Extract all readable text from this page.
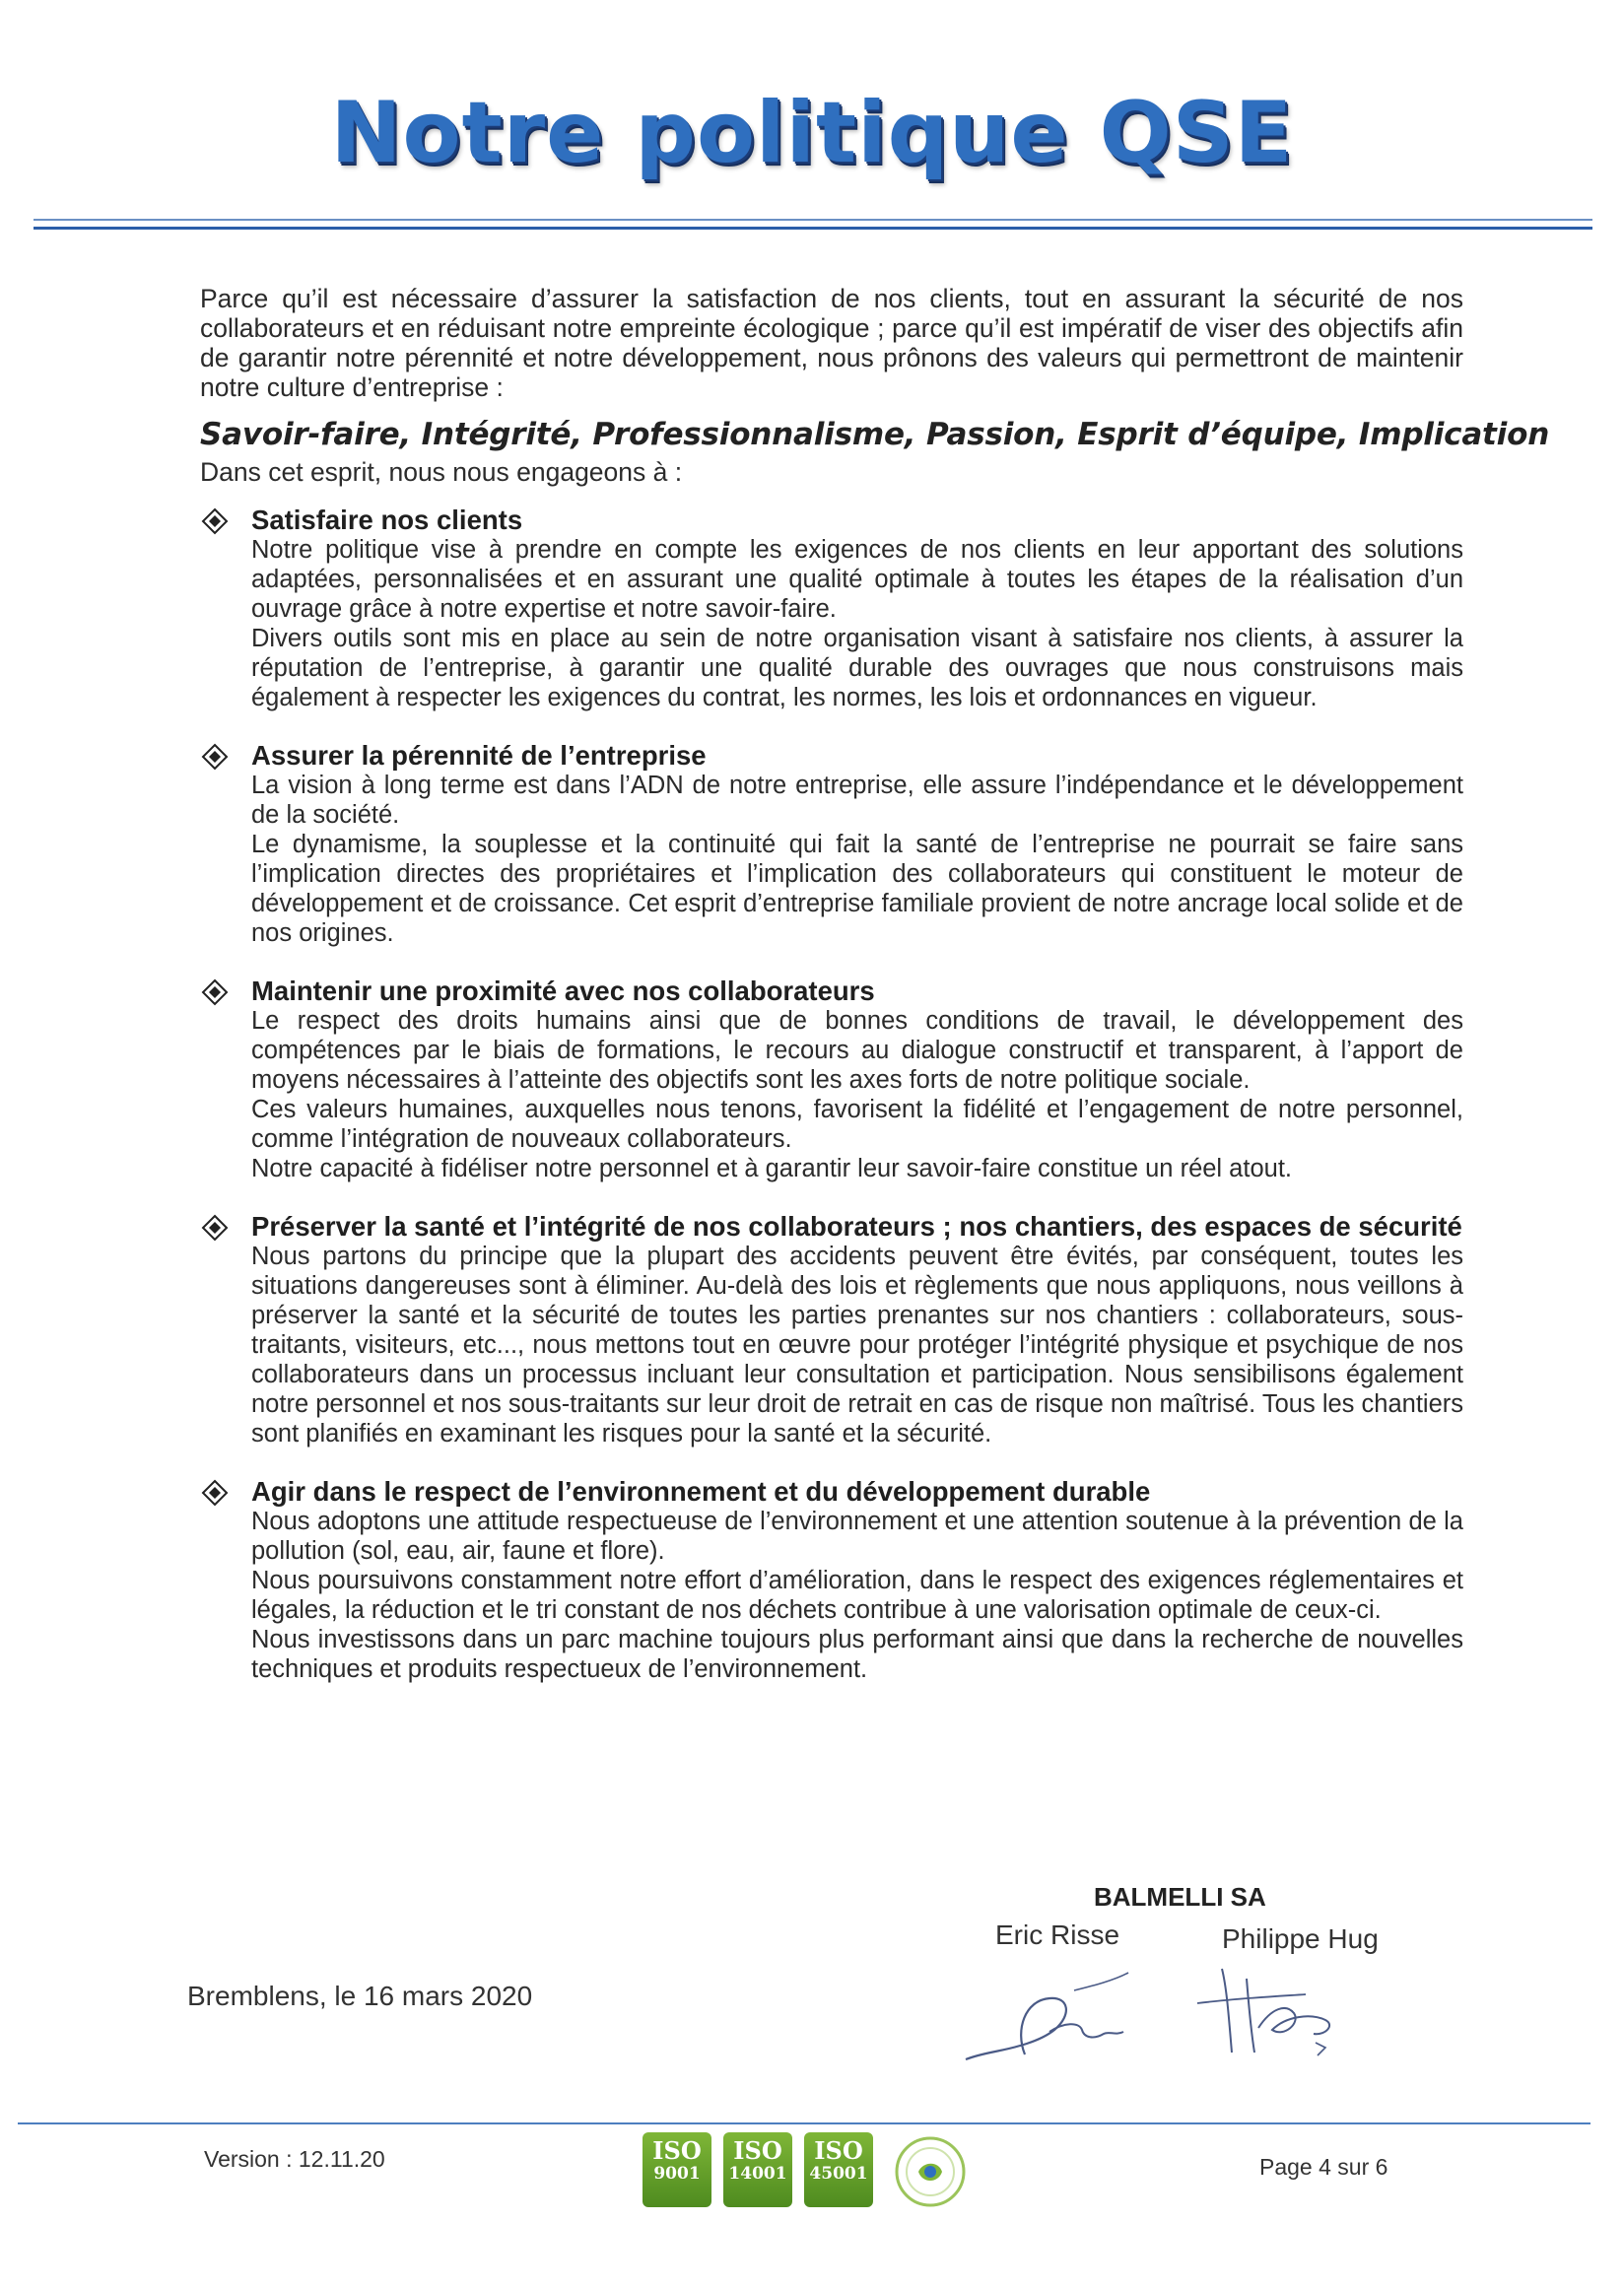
Notre politique QSE

Parce qu’il est nécessaire d’assurer la satisfaction de nos clients, tout en assurant la sécurité de nos collaborateurs et en réduisant notre empreinte écologique ; parce qu’il est impératif de viser des objectifs afin de garantir notre pérennité et notre développement, nous prônons des valeurs qui permettront de maintenir notre culture d’entreprise :

Savoir-faire, Intégrité, Professionnalisme, Passion, Esprit d’équipe, Implication

Dans cet esprit, nous nous engageons à :

Satisfaire nos clients

Notre politique vise à prendre en compte les exigences de nos clients en leur apportant des solutions adaptées, personnalisées et en assurant une qualité optimale à toutes les étapes de la réalisation d’un ouvrage grâce à notre expertise et notre savoir-faire.

Divers outils sont mis en place au sein de notre organisation visant à satisfaire nos clients, à assurer la réputation de l’entreprise, à garantir une qualité durable des ouvrages que nous construisons mais également à respecter les exigences du contrat, les normes, les lois et ordonnances en vigueur.

Assurer la pérennité de l’entreprise

La vision à long terme est dans l’ADN de notre entreprise, elle assure l’indépendance et le développement de la société.

Le dynamisme, la souplesse et la continuité qui fait la santé de l’entreprise ne pourrait se faire sans l’implication directes des propriétaires et l’implication des collaborateurs qui constituent le moteur de développement et de croissance. Cet esprit d’entreprise familiale provient de notre ancrage local solide et de nos origines.

Maintenir une proximité avec nos collaborateurs

Le respect des droits humains ainsi que de bonnes conditions de travail, le développement des compétences par le biais de formations, le recours au dialogue constructif et transparent, à l’apport de moyens nécessaires à l’atteinte des objectifs sont les axes forts de notre politique sociale.

Ces valeurs humaines, auxquelles nous tenons, favorisent la fidélité et l’engagement de notre personnel, comme l’intégration de nouveaux collaborateurs.

Notre capacité à fidéliser notre personnel et à garantir leur savoir-faire constitue un réel atout.

Préserver la santé et l’intégrité de nos collaborateurs ; nos chantiers, des espaces de sécurité

Nous partons du principe que la plupart des accidents peuvent être évités, par conséquent, toutes les situations dangereuses sont à éliminer. Au-delà des lois et règlements que nous appliquons, nous veillons à préserver la santé et la sécurité de toutes les parties prenantes sur nos chantiers : collaborateurs, sous-traitants, visiteurs, etc..., nous mettons tout en œuvre pour protéger l’intégrité physique et psychique de nos collaborateurs dans un processus incluant leur consultation et participation. Nous sensibilisons également notre personnel et nos sous-traitants sur leur droit de retrait en cas de risque non maîtrisé. Tous les chantiers sont planifiés en examinant les risques pour la santé et la sécurité.

Agir dans le respect de l’environnement et du développement durable

Nous adoptons une attitude respectueuse de l’environnement et une attention soutenue à la prévention de la pollution (sol, eau, air, faune et flore).

Nous poursuivons constamment notre effort d’amélioration, dans le respect des exigences réglementaires et légales, la réduction et le tri constant de nos déchets contribue à une valorisation optimale de ceux-ci.

Nous investissons dans un parc machine toujours plus performant ainsi que dans la recherche de nouvelles techniques et produits respectueux de l’environnement.

BALMELLI SA
Eric Risse	Philippe Hug
Bremblens, le 16 mars 2020
Version : 12.11.20	Page 4 sur 6
ISO
9001
ISO
14001
ISO
45001
